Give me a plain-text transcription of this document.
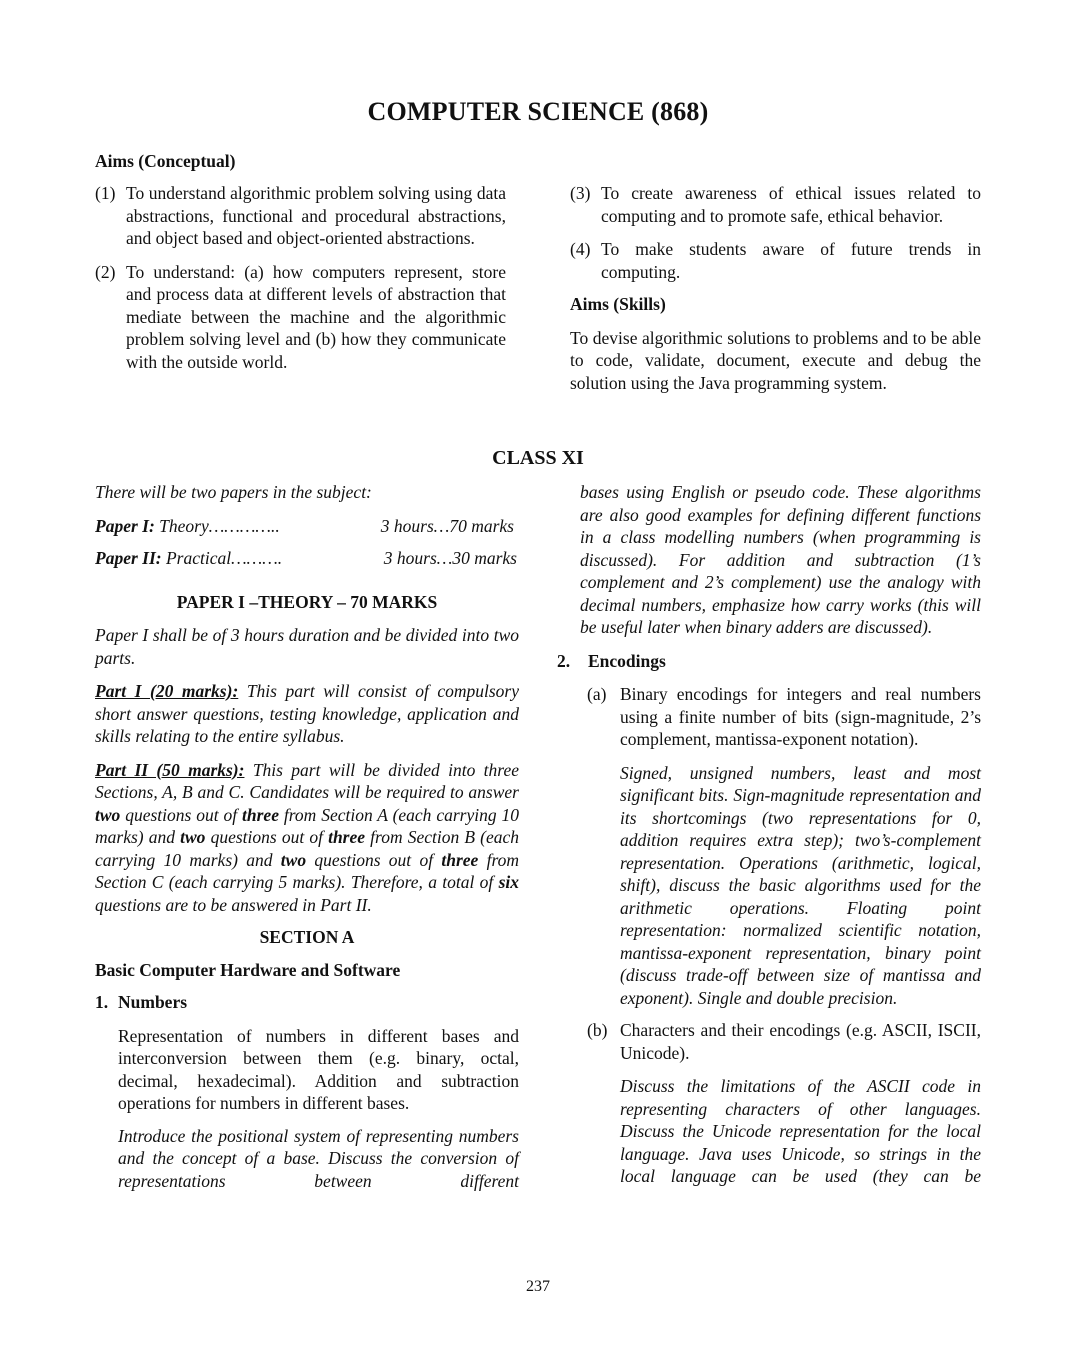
COMPUTER SCIENCE (868)
Aims (Conceptual)
(1) To understand algorithmic problem solving using data abstractions, functional and procedural abstractions, and object based and object-oriented abstractions.
(2) To understand: (a) how computers represent, store and process data at different levels of abstraction that mediate between the machine and the algorithmic problem solving level and (b) how they communicate with the outside world.
(3) To create awareness of ethical issues related to computing and to promote safe, ethical behavior.
(4) To make students aware of future trends in computing.

Aims (Skills)

To devise algorithmic solutions to problems and to be able to code, validate, document, execute and debug the solution using the Java programming system.

CLASS XI

There will be two papers in the subject:

Paper I: Theory…………..	3 hours…70 marks
Paper II: Practical……….	3 hours…30 marks

PAPER I –THEORY – 70 MARKS

Paper I shall be of 3 hours duration and be divided into two parts.

Part I (20 marks): This part will consist of compulsory short answer questions, testing knowledge, application and skills relating to the entire syllabus.

Part II (50 marks): This part will be divided into three Sections, A, B and C. Candidates will be required to answer two questions out of three from Section A (each carrying 10 marks) and two questions out of three from Section B (each carrying 10 marks) and two questions out of three from Section C (each carrying 5 marks). Therefore, a total of six questions are to be answered in Part II.

SECTION A

Basic Computer Hardware and Software

1. Numbers

Representation of numbers in different bases and interconversion between them (e.g. binary, octal, decimal, hexadecimal). Addition and subtraction operations for numbers in different bases.

Introduce the positional system of representing numbers and the concept of a base. Discuss the conversion of representations between different

bases using English or pseudo code. These algorithms are also good examples for defining different functions in a class modelling numbers (when programming is discussed). For addition and subtraction (1’s complement and 2’s complement) use the analogy with decimal numbers, emphasize how carry works (this will be useful later when binary adders are discussed).

2.	Encodings
(a) Binary encodings for integers and real numbers using a finite number of bits (sign-magnitude, 2’s complement, mantissa-exponent notation).

Signed, unsigned numbers, least and most significant bits. Sign-magnitude representation and its shortcomings (two representations for 0, addition requires extra step); two’s-complement representation. Operations (arithmetic, logical, shift), discuss the basic algorithms used for the arithmetic operations. Floating point representation: normalized scientific notation, mantissa-exponent representation, binary point (discuss trade-off between size of mantissa and exponent). Single and double precision.

(b) Characters and their encodings (e.g. ASCII, ISCII, Unicode).

Discuss the limitations of the ASCII code in representing characters of other languages. Discuss the Unicode representation for the local language. Java uses Unicode, so strings in the local language can be used (they can be

237
